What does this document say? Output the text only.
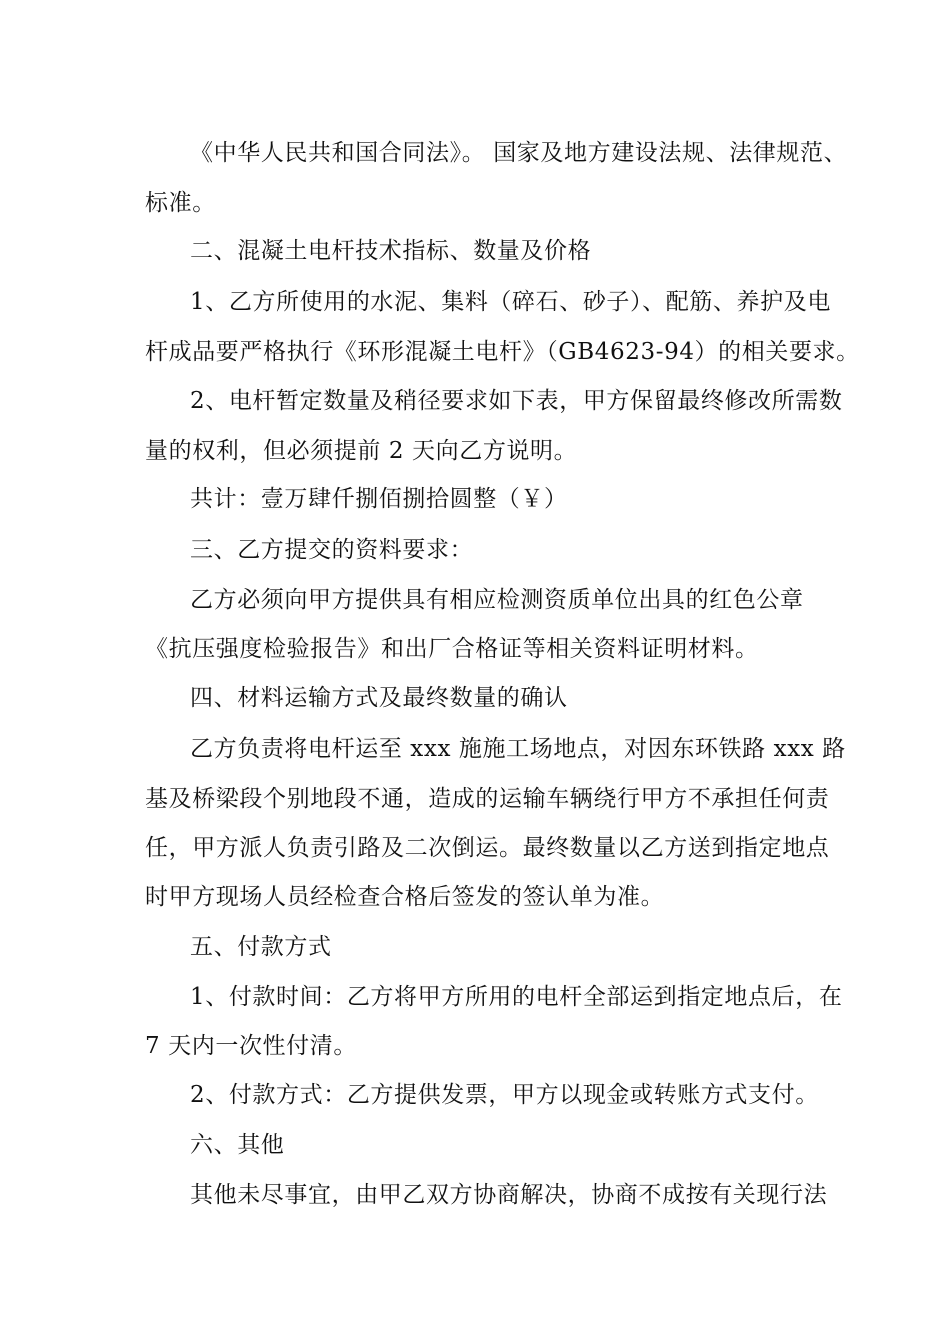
《中华人民共和国合同法》。 国家及地方建设法规、法律规范、
标准。
二、混凝土电杆技术指标、数量及价格
1、乙方所使用的水泥、集料（碎石、砂子）、配筋、养护及电
杆成品要严格执行《环形混凝土电杆》（GB4623-94）的相关要求。
2、电杆暂定数量及稍径要求如下表，甲方保留最终修改所需数
量的权利，但必须提前 2 天向乙方说明。
共计：壹万肆仟捌佰捌拾圆整（￥）
三、乙方提交的资料要求：
乙方必须向甲方提供具有相应检测资质单位出具的红色公章
《抗压强度检验报告》和出厂合格证等相关资料证明材料。
四、材料运输方式及最终数量的确认
乙方负责将电杆运至 xxx 施施工场地点，对因东环铁路 xxx 路
基及桥梁段个别地段不通，造成的运输车辆绕行甲方不承担任何责
任，甲方派人负责引路及二次倒运。最终数量以乙方送到指定地点
时甲方现场人员经检查合格后签发的签认单为准。
五、付款方式
1、付款时间：乙方将甲方所用的电杆全部运到指定地点后，在
7 天内一次性付清。
2、付款方式：乙方提供发票，甲方以现金或转账方式支付。
六、其他
其他未尽事宜，由甲乙双方协商解决，协商不成按有关现行法
